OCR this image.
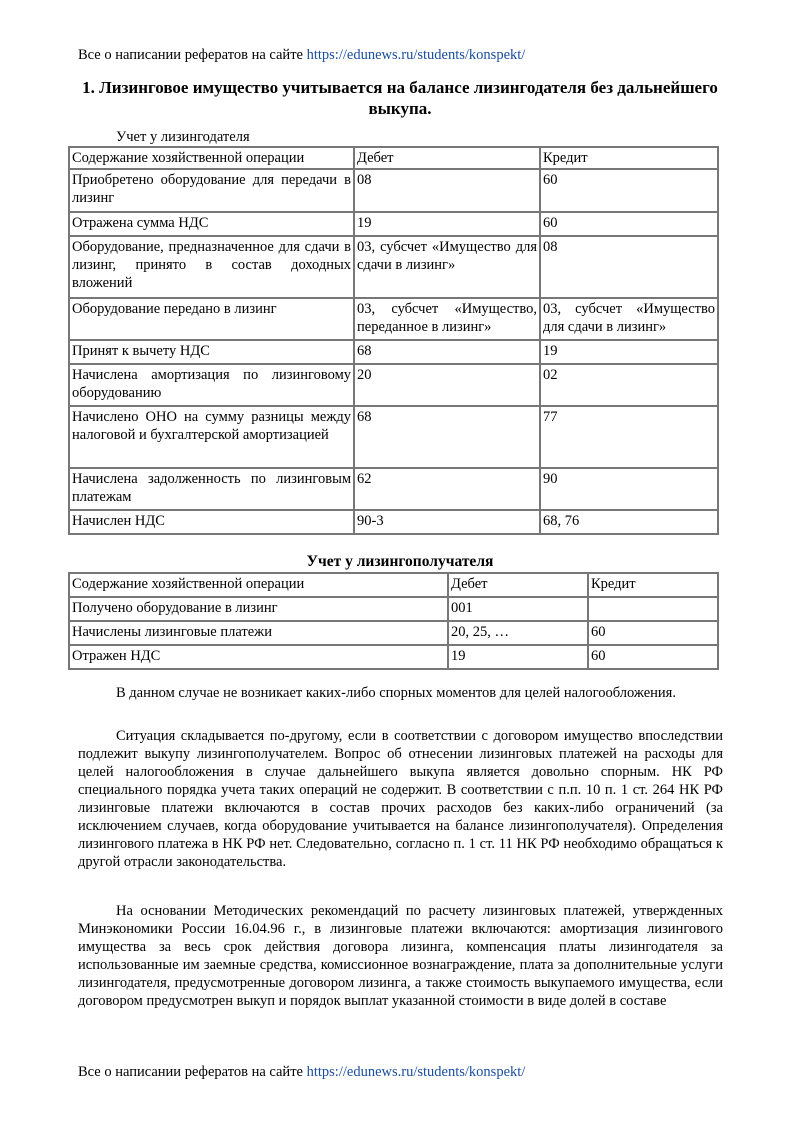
Все о написании рефератов на сайте https://edunews.ru/students/konspekt/
1. Лизинговое имущество учитывается на балансе лизингодателя без дальнейшего выкупа.
Учет у лизингодателя
Содержание хозяйственной операции	Дебет	Кредит
Приобретено оборудование для передачи в лизинг	08	60
Отражена сумма НДС	19	60
Оборудование, предназначенное для сдачи в лизинг, принято в состав доходных вложений	03, субсчет «Имущество для сдачи в лизинг»	08
Оборудование передано в лизинг	03, субсчет «Имущество, переданное в лизинг»	03, субсчет «Имущество для сдачи в лизинг»
Принят к вычету НДС	68	19
Начислена амортизация по лизинговому оборудованию	20	02
Начислено ОНО на сумму разницы между налоговой и бухгалтерской амортизацией	68	77
Начислена задолженность по лизинговым платежам	62	90
Начислен НДС	90-3	68, 76
Учет у лизингополучателя
Содержание хозяйственной операции	Дебет	Кредит
Получено оборудование в лизинг	001	
Начислены лизинговые платежи	20, 25, …	60
Отражен НДС	19	60

В данном случае не возникает каких-либо спорных моментов для целей налогообложения.

Ситуация складывается по-другому, если в соответствии с договором имущество впоследствии подлежит выкупу лизингополучателем. Вопрос об отнесении лизинговых платежей на расходы для целей налогообложения в случае дальнейшего выкупа является довольно спорным. НК РФ специального порядка учета таких операций не содержит. В соответствии с п.п. 10 п. 1 ст. 264 НК РФ лизинговые платежи включаются в состав прочих расходов без каких-либо ограничений (за исключением случаев, когда оборудование учитывается на балансе лизингополучателя). Определения лизингового платежа в НК РФ нет. Следовательно, согласно п. 1 ст. 11 НК РФ необходимо обращаться к другой отрасли законодательства.

На основании Методических рекомендаций по расчету лизинговых платежей, утвержденных Минэкономики России 16.04.96 г., в лизинговые платежи включаются: амортизация лизингового имущества за весь срок действия договора лизинга, компенсация платы лизингодателя за использованные им заемные средства, комиссионное вознаграждение, плата за дополнительные услуги лизингодателя, предусмотренные договором лизинга, а также стоимость выкупаемого имущества, если договором предусмотрен выкуп и порядок выплат указанной стоимости в виде долей в составе

Все о написании рефератов на сайте https://edunews.ru/students/konspekt/
